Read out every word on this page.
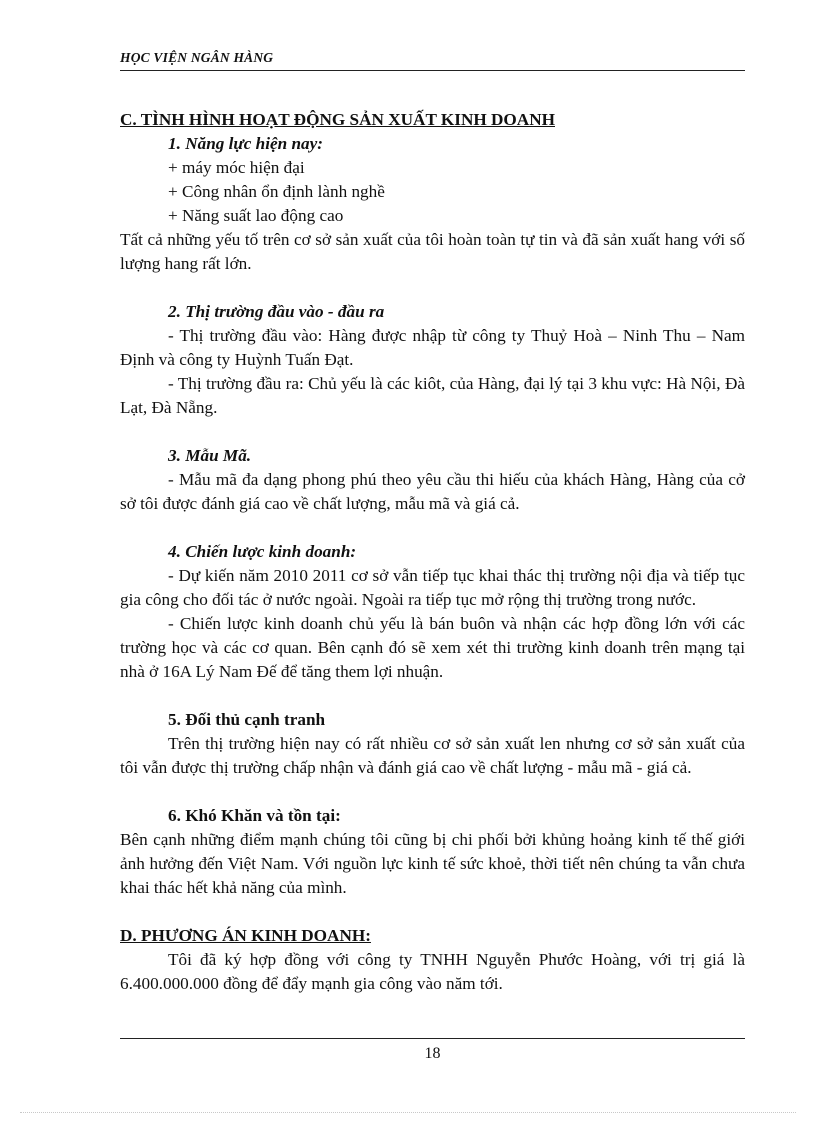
HỌC VIỆN NGÂN HÀNG

C. TÌNH HÌNH HOẠT ĐỘNG SẢN XUẤT KINH DOANH

1. Năng lực hiện nay:

+ máy móc hiện đại

+ Công nhân ổn định lành nghề

+ Năng suất lao động cao

Tất cả những yếu tố trên cơ sở sản xuất của tôi hoàn toàn tự tin và đã sản xuất hang với số lượng hang rất lớn.

2. Thị trường đầu vào - đầu ra

- Thị trường đầu vào: Hàng được nhập từ công ty Thuỷ Hoà – Ninh Thu – Nam Định và công ty Huỳnh Tuấn Đạt.

- Thị trường đầu ra: Chủ yếu là các kiôt, của Hàng, đại lý tại 3 khu vực: Hà Nội, Đà Lạt, Đà Nẵng.

3. Mẫu Mã.

- Mẫu mã đa dạng phong phú theo yêu cầu thi hiếu của khách Hàng, Hàng của cở sở tôi được đánh giá cao về chất lượng, mẫu mã và giá cả.

4. Chiến lược kinh doanh:

- Dự kiến năm 2010 2011 cơ sở vẫn tiếp tục khai thác thị trường nội địa và tiếp tục gia công cho đối tác ở nước ngoài. Ngoài ra tiếp tục mở rộng thị trường trong nước.

- Chiến lược kinh doanh chủ yếu là bán buôn và nhận các hợp đồng lớn với các trường học và các cơ quan. Bên cạnh đó sẽ xem xét thi trường kinh doanh trên mạng tại nhà ở 16A Lý Nam Đế để tăng them lợi nhuận.

5. Đối thủ cạnh tranh

Trên thị trường hiện nay có rất nhiều cơ sở sản xuất len nhưng cơ sở sản xuất của tôi vẫn được thị trường chấp nhận và đánh giá cao về chất lượng - mẫu mã - giá cả.

6. Khó Khăn và tồn tại:

Bên cạnh những điểm mạnh chúng tôi cũng bị chi phối bởi khủng hoảng kinh tế thế giới ảnh hưởng đến Việt Nam. Với nguồn lực kinh tế sức khoẻ, thời tiết nên chúng ta vẫn chưa khai thác hết khả năng của mình.

D. PHƯƠNG ÁN KINH DOANH:

Tôi đã ký hợp đồng với công ty TNHH Nguyễn Phước Hoàng, với trị giá là 6.400.000.000 đồng để đẩy mạnh gia công vào năm tới.

18
